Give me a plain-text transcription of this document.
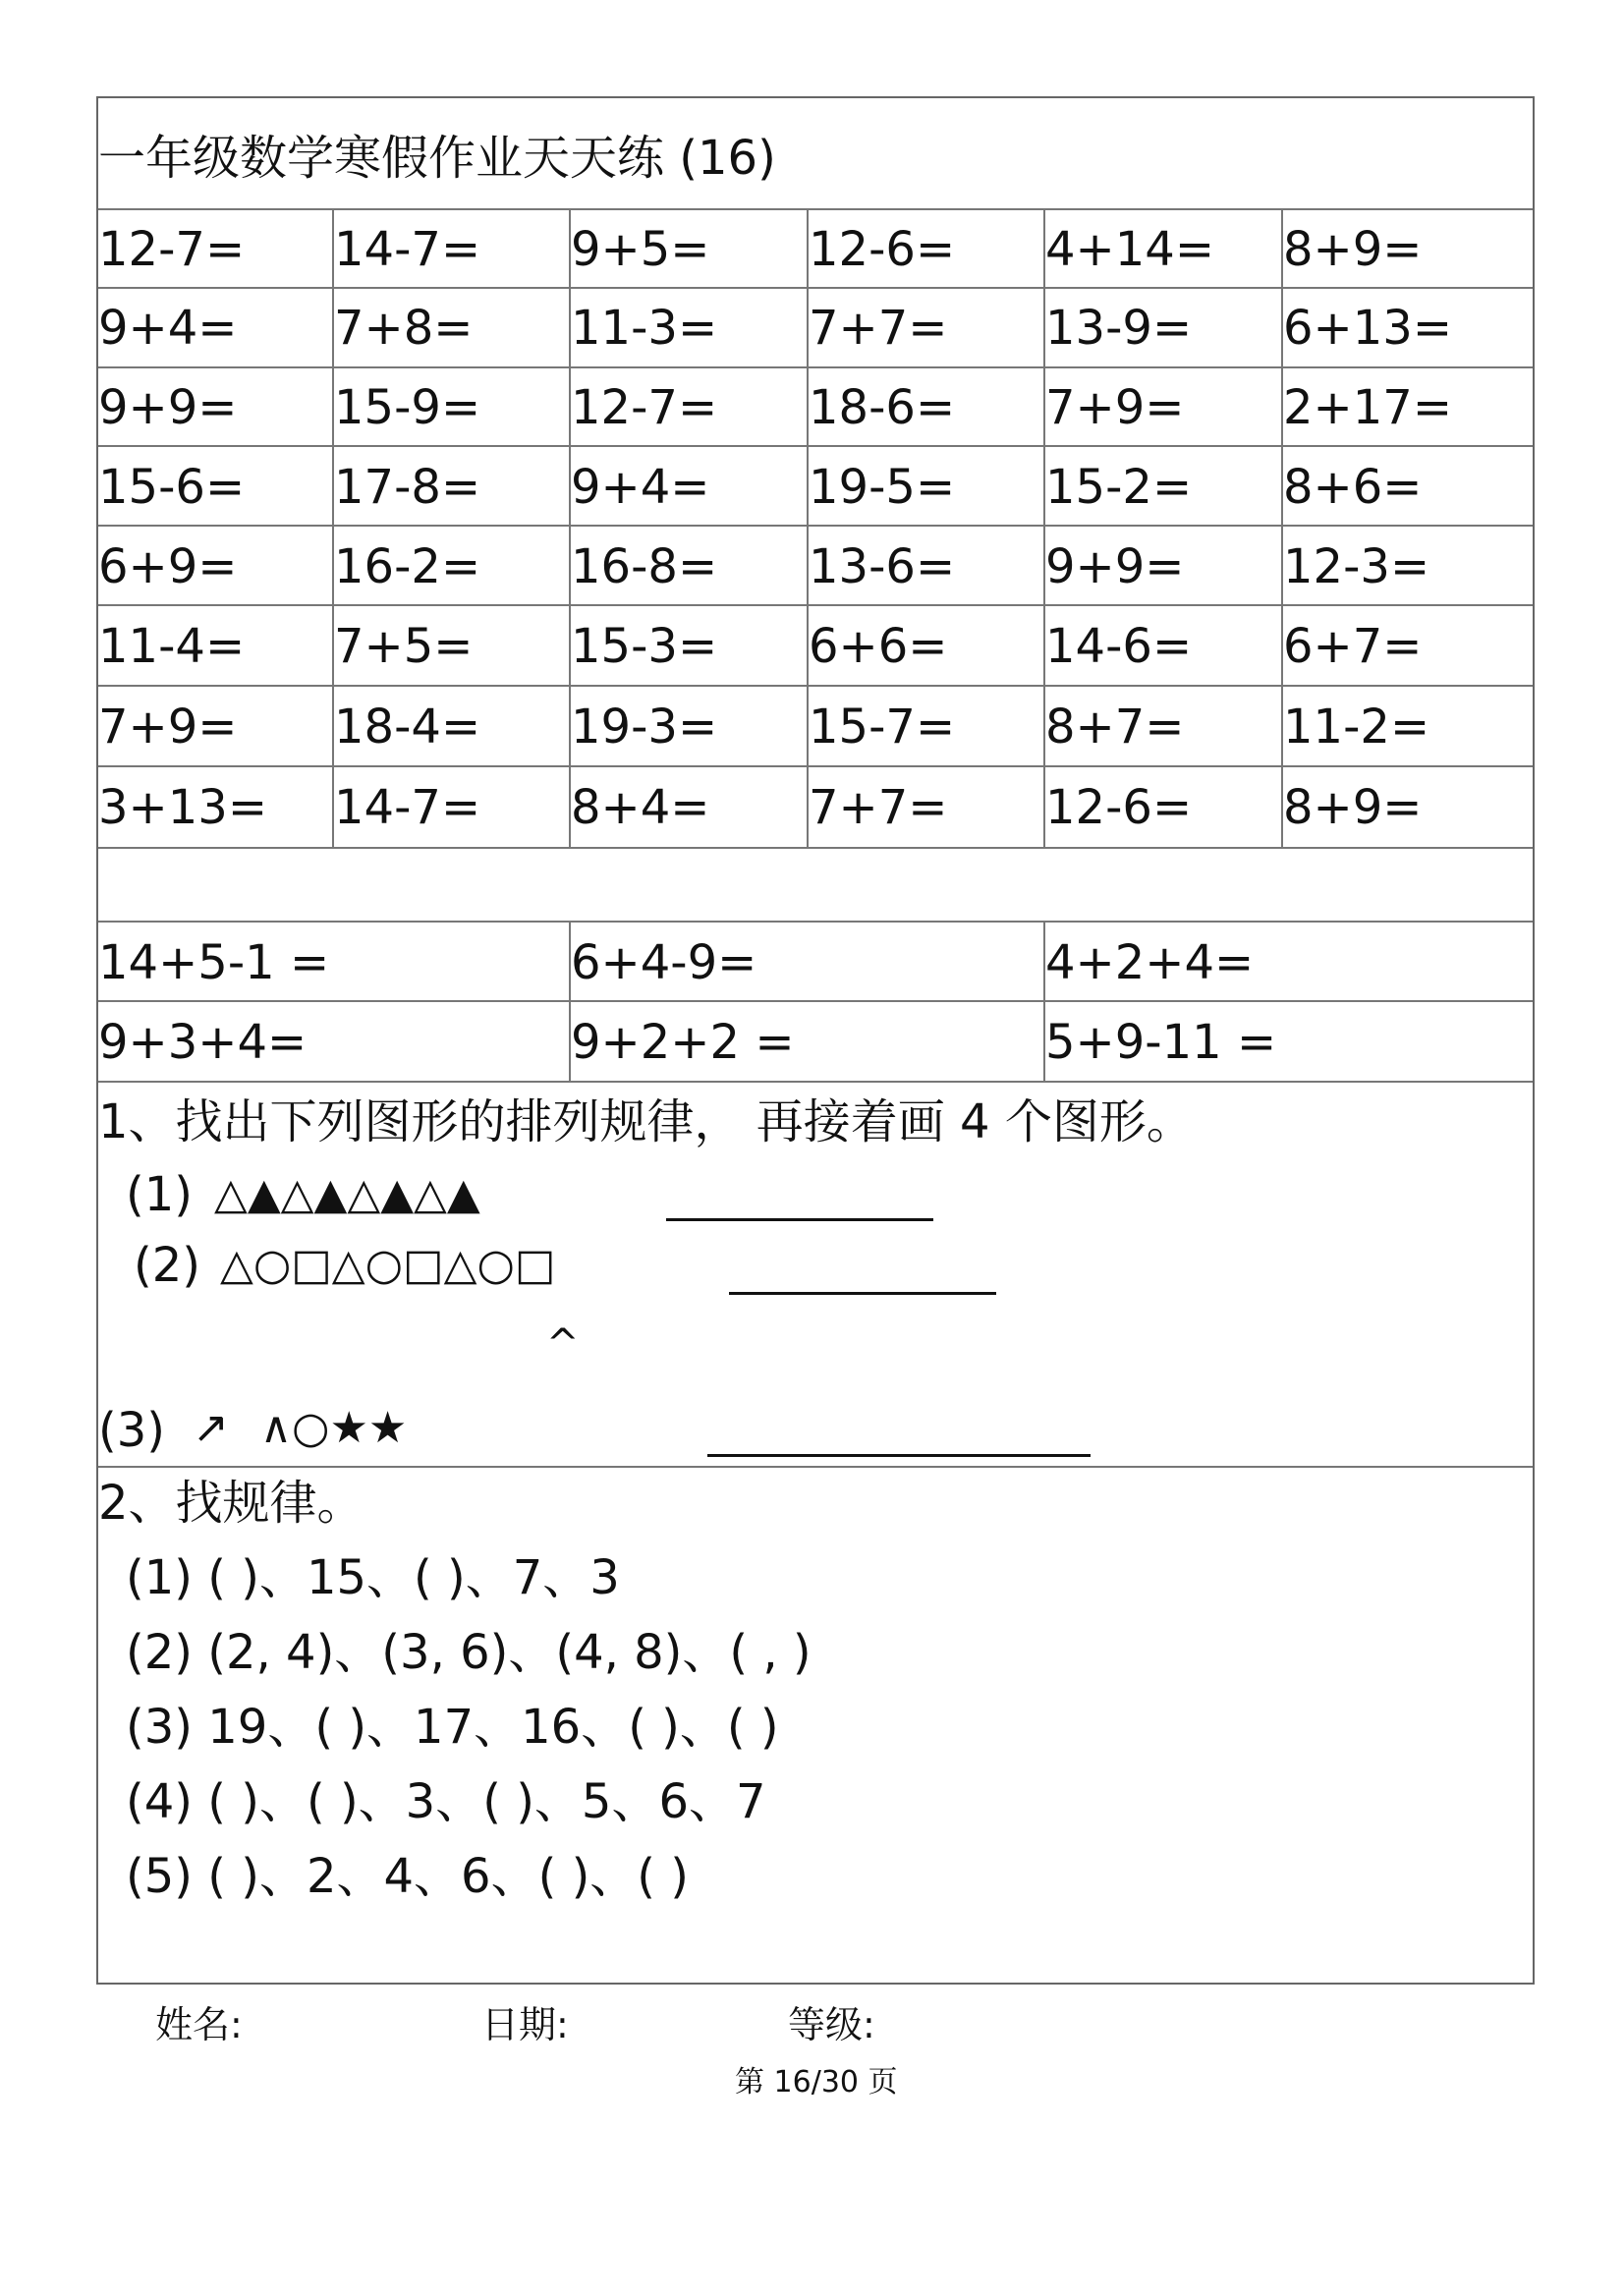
一年级数学寒假作业天天练 (16)
12-7= 14-7= 9+5= 12-6= 4+14= 8+9=
9+4= 7+8= 11-3= 7+7= 13-9= 6+13=
9+9= 15-9= 12-7= 18-6= 7+9= 2+17=
15-6= 17-8= 9+4= 19-5= 15-2= 8+6=
6+9= 16-2= 16-8= 13-6= 9+9= 12-3=
11-4= 7+5= 15-3= 6+6= 14-6= 6+7=
7+9= 18-4= 19-3= 15-7= 8+7= 11-2=
3+13= 14-7= 8+4= 7+7= 12-6= 8+9=
14+5-1 =	6+4-9=	4+2+4=
9+3+4=	9+2+2 =	5+9-11 =
1、找出下列图形的排列规律， 再接着画 4 个图形。
(1) △▲△▲△▲△▲
(2) △○□△○□△○□
^
(3) ↗ ∧○★★
2、找规律。
(1) ( )、15、( )、7、3
(2) (2, 4)、(3, 6)、(4, 8)、( , )
(3) 19、( )、17、16、( )、( )
(4) ( )、( )、3、( )、5、6、7
(5) ( )、2、4、6、( )、( )
姓名:	日期:	等级:
第 16/30 页
